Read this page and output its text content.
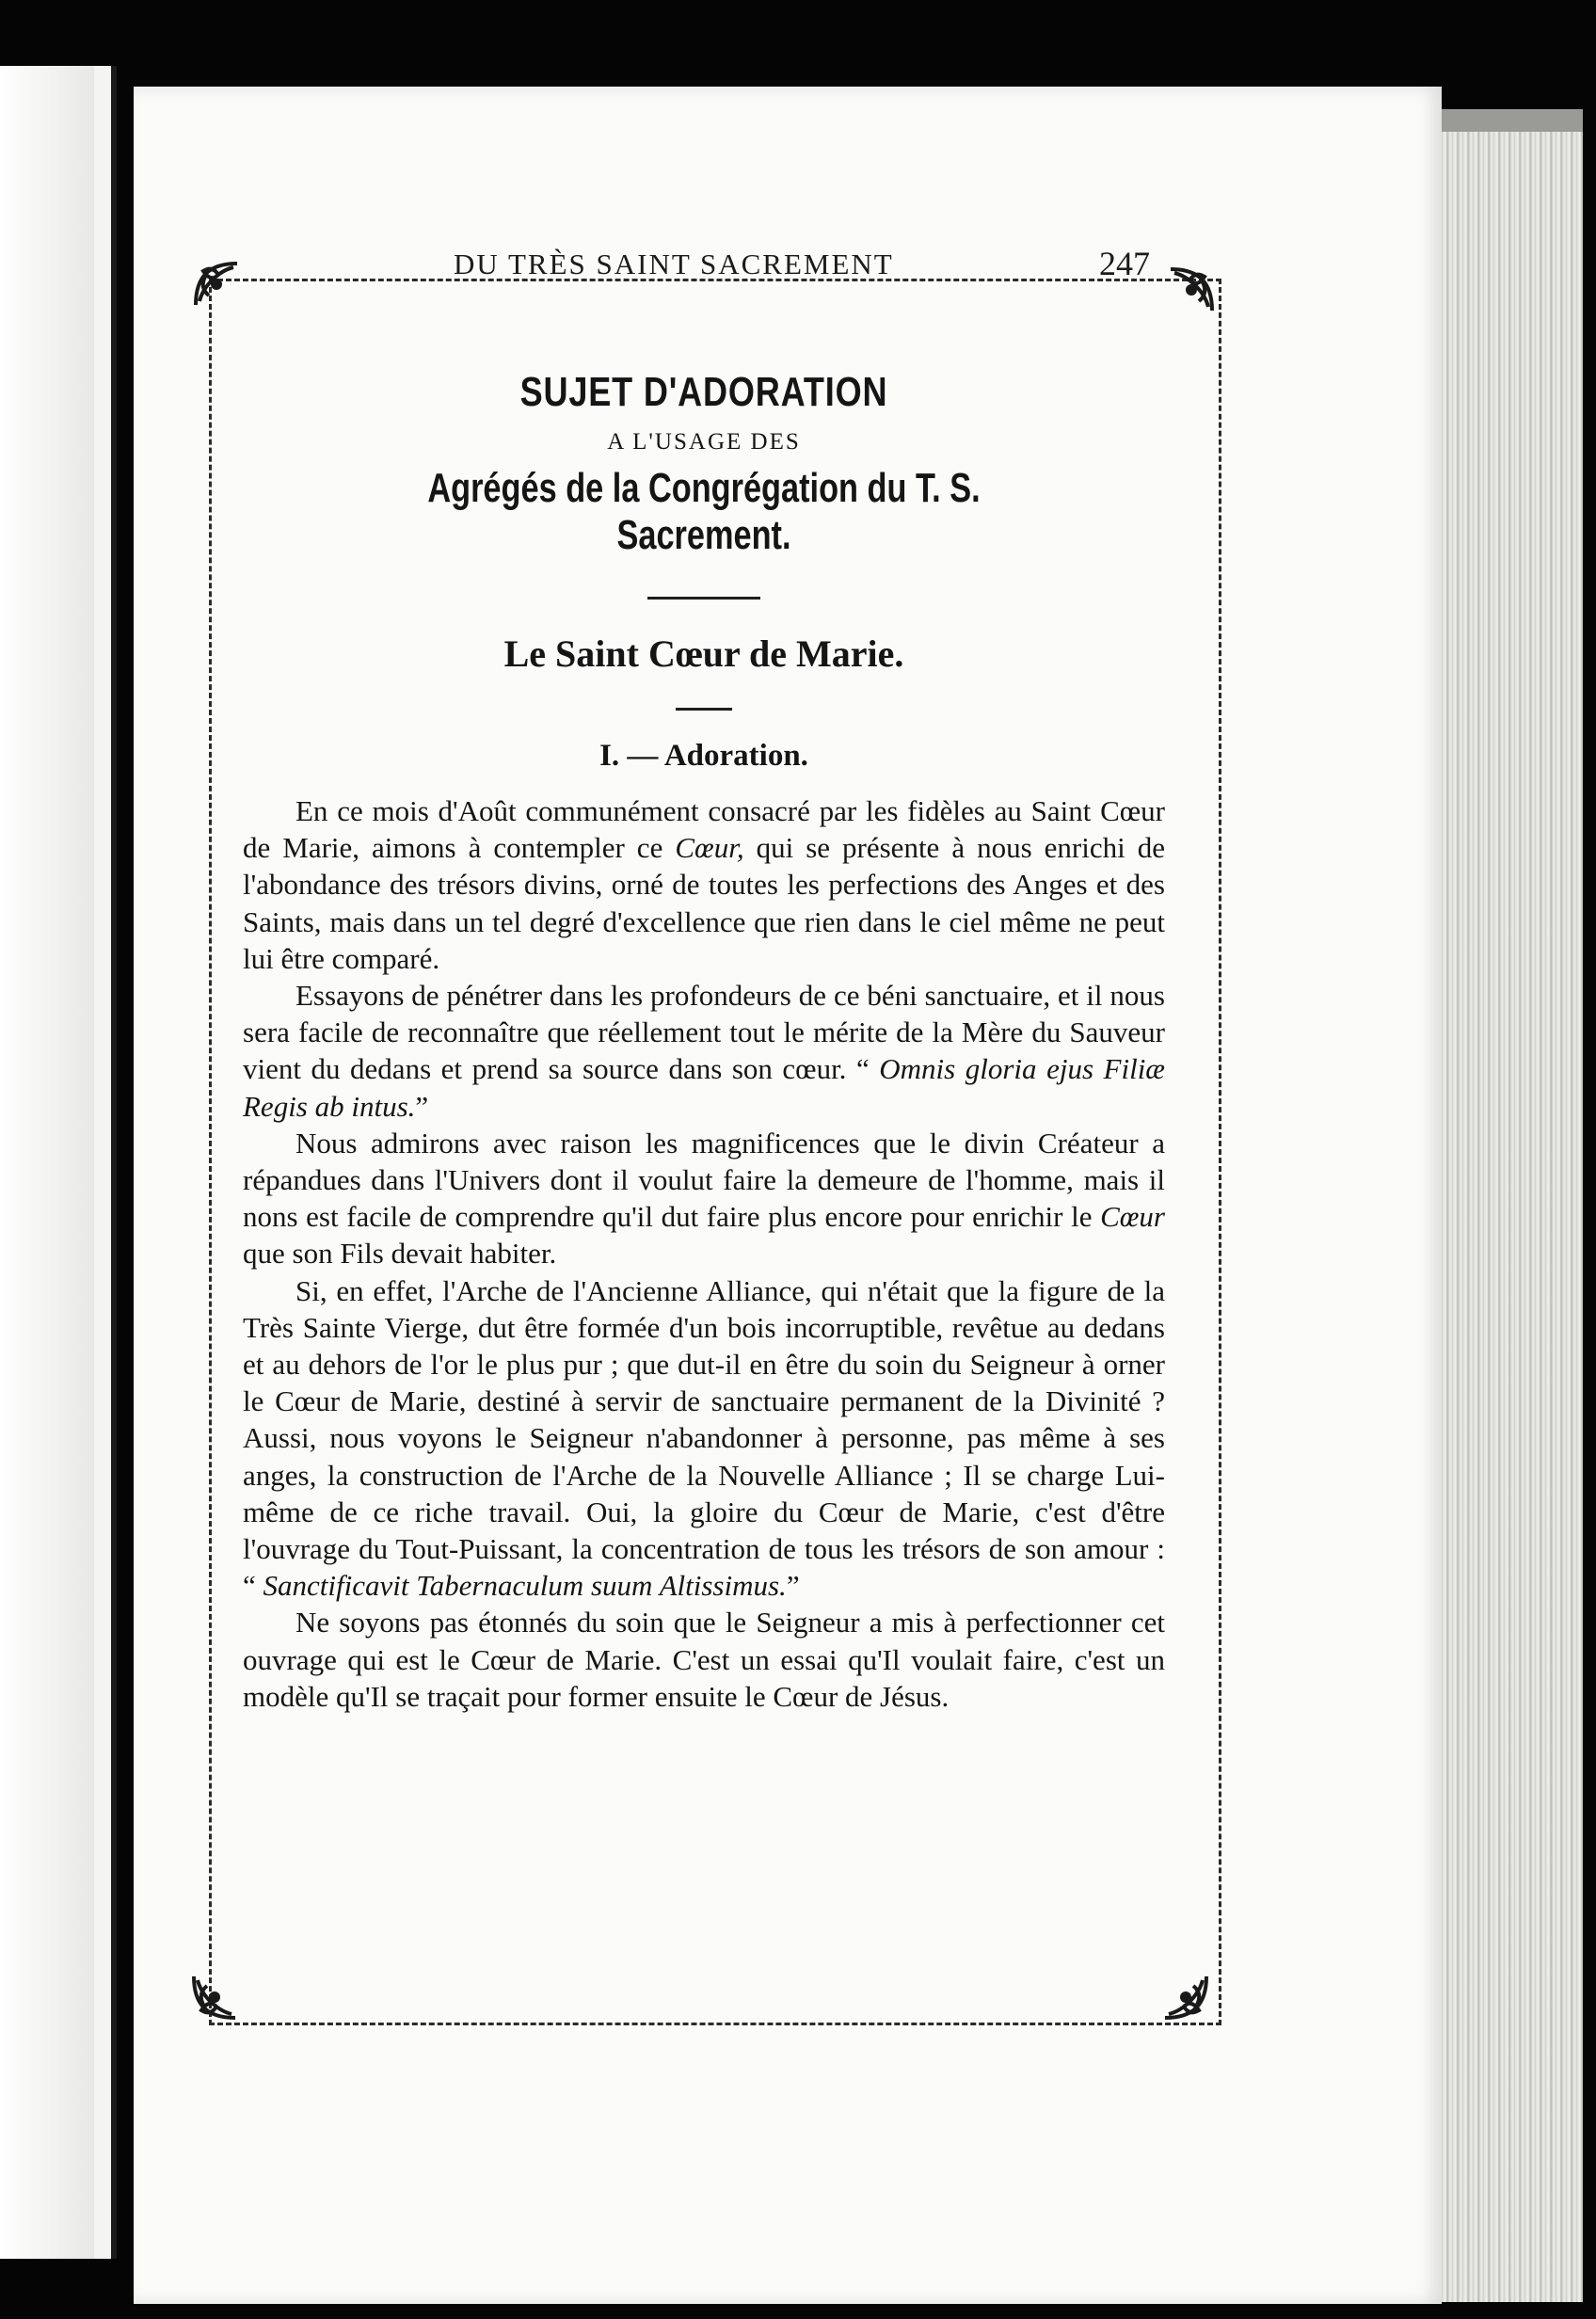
DU TRÈS SAINT SACREMENT	247
SUJET D'ADORATION

A L'USAGE DES

Agrégés de la Congrégation du T. S. Sacrement.
Le Saint Cœur de Marie.
I. — Adoration.

En ce mois d'Août communément consacré par les fidèles au Saint Cœur de Marie, aimons à contempler ce Cœur, qui se présente à nous enrichi de l'abondance des trésors divins, orné de toutes les perfections des Anges et des Saints, mais dans un tel degré d'excellence que rien dans le ciel même ne peut lui être comparé.

Essayons de pénétrer dans les profondeurs de ce béni sanctuaire, et il nous sera facile de reconnaître que réellement tout le mérite de la Mère du Sauveur vient du dedans et prend sa source dans son cœur. “ Omnis gloria ejus Filiæ Regis ab intus.”

Nous admirons avec raison les magnificences que le divin Créateur a répandues dans l'Univers dont il voulut faire la demeure de l'homme, mais il nons est facile de comprendre qu'il dut faire plus encore pour enrichir le Cœur que son Fils devait habiter.

Si, en effet, l'Arche de l'Ancienne Alliance, qui n'était que la figure de la Très Sainte Vierge, dut être formée d'un bois incorruptible, revêtue au dedans et au dehors de l'or le plus pur ; que dut-il en être du soin du Seigneur à orner le Cœur de Marie, destiné à servir de sanctuaire permanent de la Divinité ? Aussi, nous voyons le Seigneur n'abandonner à personne, pas même à ses anges, la construction de l'Arche de la Nouvelle Alliance ; Il se charge Lui-même de ce riche travail. Oui, la gloire du Cœur de Marie, c'est d'être l'ouvrage du Tout-Puissant, la concentration de tous les trésors de son amour : “ Sanctificavit Tabernaculum suum Altissimus.”

Ne soyons pas étonnés du soin que le Seigneur a mis à perfectionner cet ouvrage qui est le Cœur de Marie. C'est un essai qu'Il voulait faire, c'est un modèle qu'Il se traçait pour former ensuite le Cœur de Jésus.
